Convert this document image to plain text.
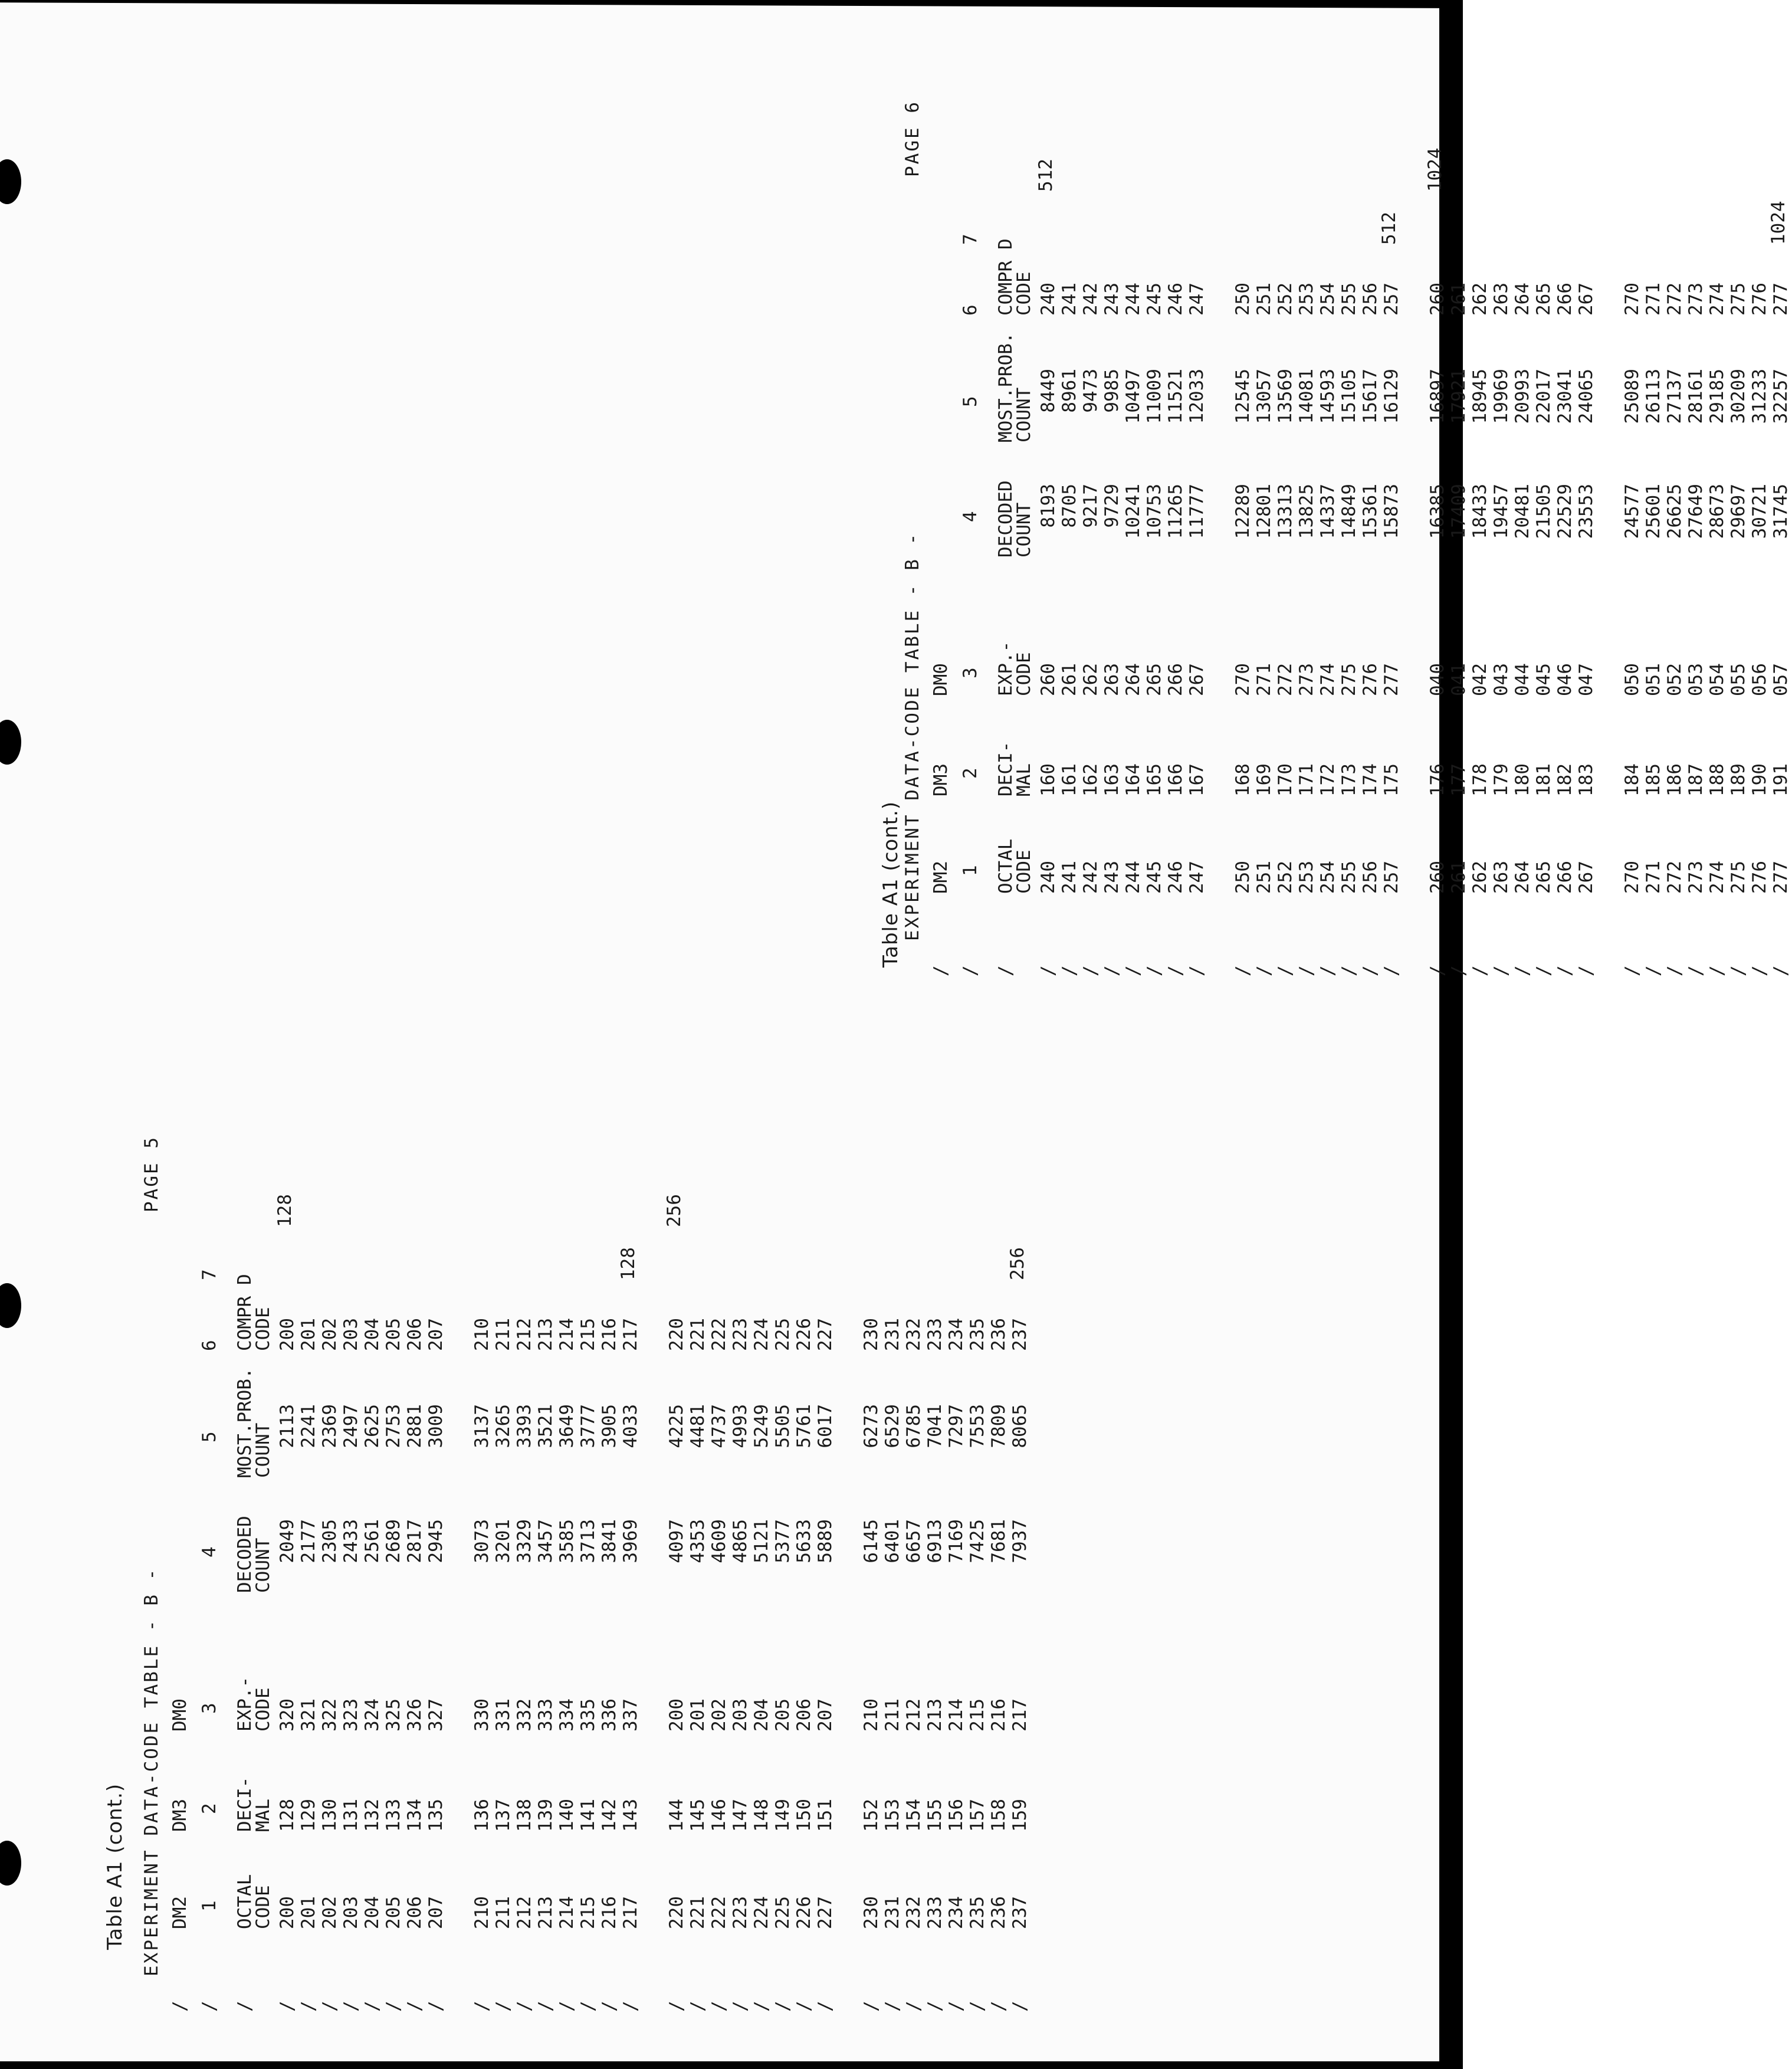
Table A1 (cont.)
Table A1 (cont.)
EXPERIMENT DATA-CODE TABLE - B -
PAGE 5
/
DM2
DM3
DM0
/
1
2
3
4
5
6
7
/
OCTAL
CODE
DECI-
MAL
EXP.-
CODE
DECODED
COUNT
MOST.PROB.
COUNT
COMPR D
CODE
/
200
128
320
2049
2113
200
128
/
201
129
321
2177
2241
201
/
202
130
322
2305
2369
202
/
203
131
323
2433
2497
203
/
204
132
324
2561
2625
204
/
205
133
325
2689
2753
205
/
206
134
326
2817
2881
206
/
207
135
327
2945
3009
207
/
210
136
330
3073
3137
210
/
211
137
331
3201
3265
211
/
212
138
332
3329
3393
212
/
213
139
333
3457
3521
213
/
214
140
334
3585
3649
214
/
215
141
335
3713
3777
215
/
216
142
336
3841
3905
216
/
217
143
337
3969
4033
217
128
/
220
144
200
4097
4225
220
256
/
221
145
201
4353
4481
221
/
222
146
202
4609
4737
222
/
223
147
203
4865
4993
223
/
224
148
204
5121
5249
224
/
225
149
205
5377
5505
225
/
226
150
206
5633
5761
226
/
227
151
207
5889
6017
227
/
230
152
210
6145
6273
230
/
231
153
211
6401
6529
231
/
232
154
212
6657
6785
232
/
233
155
213
6913
7041
233
/
234
156
214
7169
7297
234
/
235
157
215
7425
7553
235
/
236
158
216
7681
7809
236
/
237
159
217
7937
8065
237
256
EXPERIMENT DATA-CODE TABLE - B -
PAGE 6
/
DM2
DM3
DM0
/
1
2
3
4
5
6
7
/
OCTAL
CODE
DECI-
MAL
EXP.-
CODE
DECODED
COUNT
MOST.PROB.
COUNT
COMPR D
CODE
/
240
160
260
8193
8449
240
512
/
241
161
261
8705
8961
241
/
242
162
262
9217
9473
242
/
243
163
263
9729
9985
243
/
244
164
264
10241
10497
244
/
245
165
265
10753
11009
245
/
246
166
266
11265
11521
246
/
247
167
267
11777
12033
247
/
250
168
270
12289
12545
250
/
251
169
271
12801
13057
251
/
252
170
272
13313
13569
252
/
253
171
273
13825
14081
253
/
254
172
274
14337
14593
254
/
255
173
275
14849
15105
255
/
256
174
276
15361
15617
256
/
257
175
277
15873
16129
257
512
/
260
176
040
16385
16897
260
1024
/
261
177
041
17409
17921
261
/
262
178
042
18433
18945
262
/
263
179
043
19457
19969
263
/
264
180
044
20481
20993
264
/
265
181
045
21505
22017
265
/
266
182
046
22529
23041
266
/
267
183
047
23553
24065
267
/
270
184
050
24577
25089
270
/
271
185
051
25601
26113
271
/
272
186
052
26625
27137
272
/
273
187
053
27649
28161
273
/
274
188
054
28673
29185
274
/
275
189
055
29697
30209
275
/
276
190
056
30721
31233
276
/
277
191
057
31745
32257
277
1024
